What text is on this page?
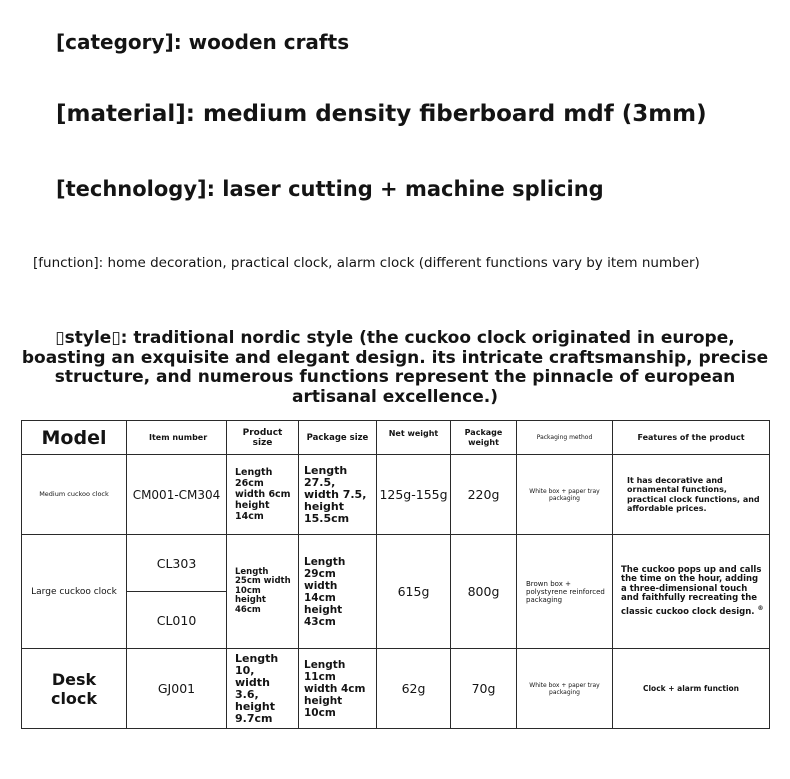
[category]: wooden crafts
[material]: medium density fiberboard mdf (3mm)
[technology]: laser cutting + machine splicing
[function]: home decoration, practical clock, alarm clock (different functions vary by item number)
▯style▯: traditional nordic style (the cuckoo clock originated in europe, boasting an exquisite and elegant design. its intricate craftsmanship, precise structure, and numerous functions represent the pinnacle of european artisanal excellence.)
Model	Item number	Product size	Package size	Net weight	Package weight	Packaging method	Features of the product
Medium cuckoo clock	CM001-CM304	Length 26cm width 6cm height 14cm	Length 27.5, width 7.5, height 15.5cm	125g-155g	220g	White box + paper tray packaging	It has decorative and ornamental functions, practical clock functions, and affordable prices.
Large cuckoo clock	CL303	Length 25cm width 10cm height 46cm	Length 29cm width 14cm height 43cm	615g	800g	Brown box + polystyrene reinforced packaging	The cuckoo pops up and calls the time on the hour, adding a three-dimensional touch and faithfully recreating the classic cuckoo clock design. ®
	CL010						
Desk clock	GJ001	Length 10, width 3.6, height 9.7cm	Length 11cm width 4cm height 10cm	62g	70g	White box + paper tray packaging	Clock + alarm function
